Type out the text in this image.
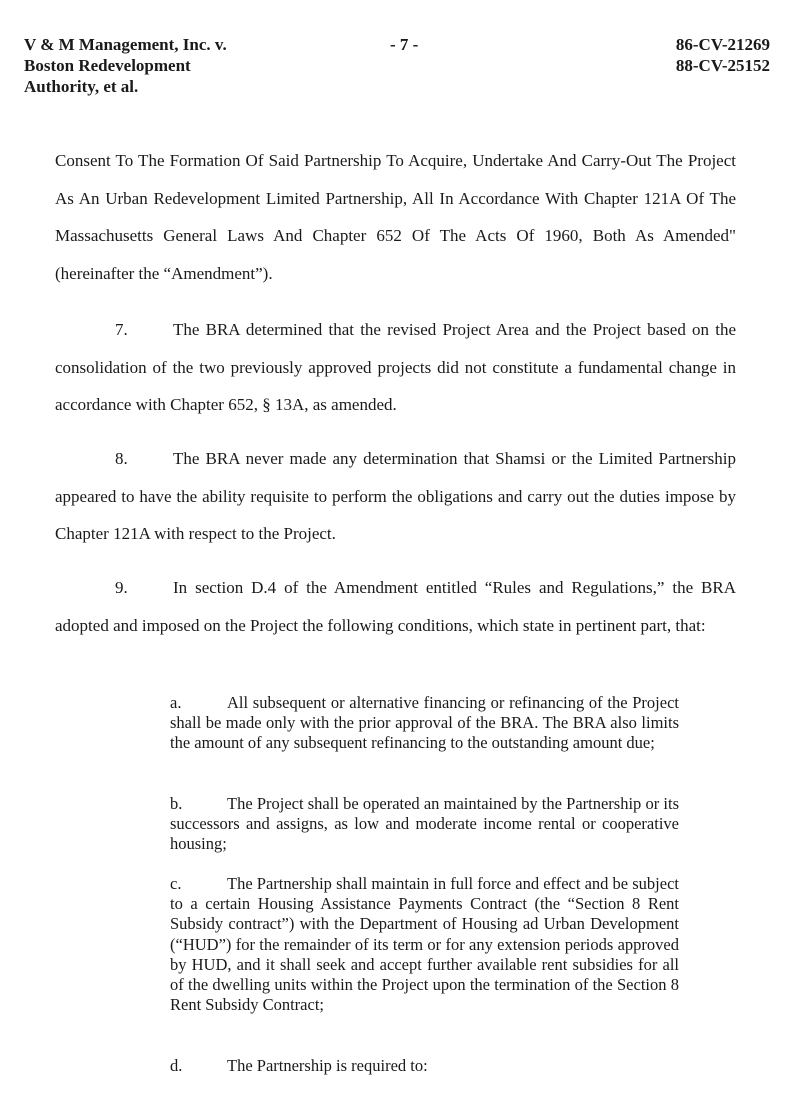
V & M Management, Inc. v.
Boston Redevelopment
Authority, et al.
- 7 -	86-CV-21269
88-CV-25152

Consent To The Formation Of Said Partnership To Acquire, Undertake And Carry-Out The Project As An Urban Redevelopment Limited Partnership, All In Accordance With Chapter 121A Of The Massachusetts General Laws And Chapter 652 Of The Acts Of 1960, Both As Amended" (hereinafter the “Amendment”).

7.	The BRA determined that the revised Project Area and the Project based on the consolidation of the two previously approved projects did not constitute a fundamental change in accordance with Chapter 652, § 13A, as amended.

8.	The BRA never made any determination that Shamsi or the Limited Partnership appeared to have the ability requisite to perform the obligations and carry out the duties impose by Chapter 121A with respect to the Project.

9.	In section D.4 of the Amendment entitled “Rules and Regulations,” the BRA adopted and imposed on the Project the following conditions, which state in pertinent part, that:

a.	All subsequent or alternative financing or refinancing of the Project shall be made only with the prior approval of the BRA. The BRA also limits the amount of any subsequent refinancing to the outstanding amount due;
b.	The Project shall be operated an maintained by the Partnership or its successors and assigns, as low and moderate income rental or cooperative housing;
c.	The Partnership shall maintain in full force and effect and be subject to a certain Housing Assistance Payments Contract (the “Section 8 Rent Subsidy contract”) with the Department of Housing ad Urban Development (“HUD”) for the remainder of its term or for any extension periods approved by HUD, and it shall seek and accept further available rent subsidies for all of the dwelling units within the Project upon the termination of the Section 8 Rent Subsidy Contract;
d.	The Partnership is required to:
